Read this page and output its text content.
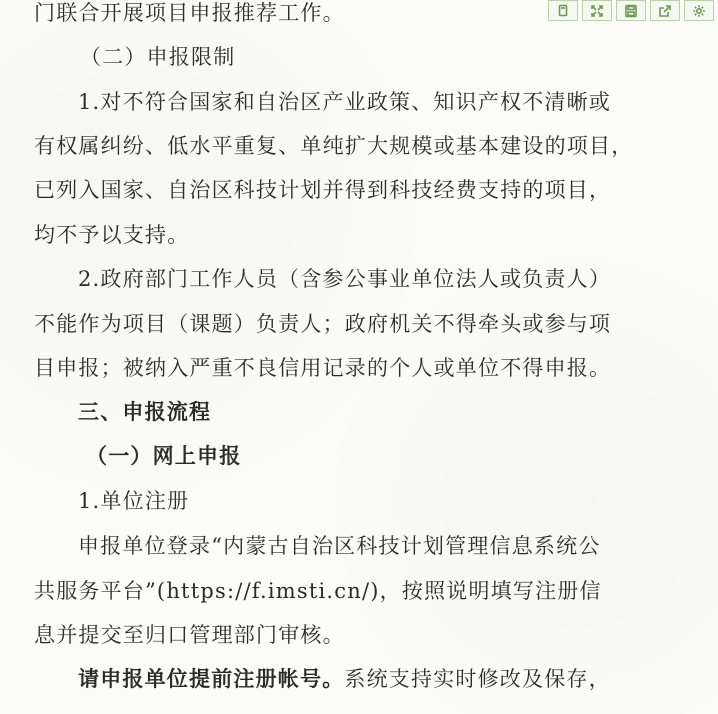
门联合开展项目申报推荐工作。
（二）申报限制
1.对不符合国家和自治区产业政策、知识产权不清晰或
有权属纠纷、低水平重复、单纯扩大规模或基本建设的项目，
已列入国家、自治区科技计划并得到科技经费支持的项目，
均不予以支持。
2.政府部门工作人员（含参公事业单位法人或负责人）
不能作为项目（课题）负责人；政府机关不得牵头或参与项
目申报；被纳入严重不良信用记录的个人或单位不得申报。
三、申报流程
（一）网上申报
1.单位注册
申报单位登录“内蒙古自治区科技计划管理信息系统公
共服务平台”(https://f.imsti.cn/)，按照说明填写注册信
息并提交至归口管理部门审核。
请申报单位提前注册帐号。系统支持实时修改及保存，
